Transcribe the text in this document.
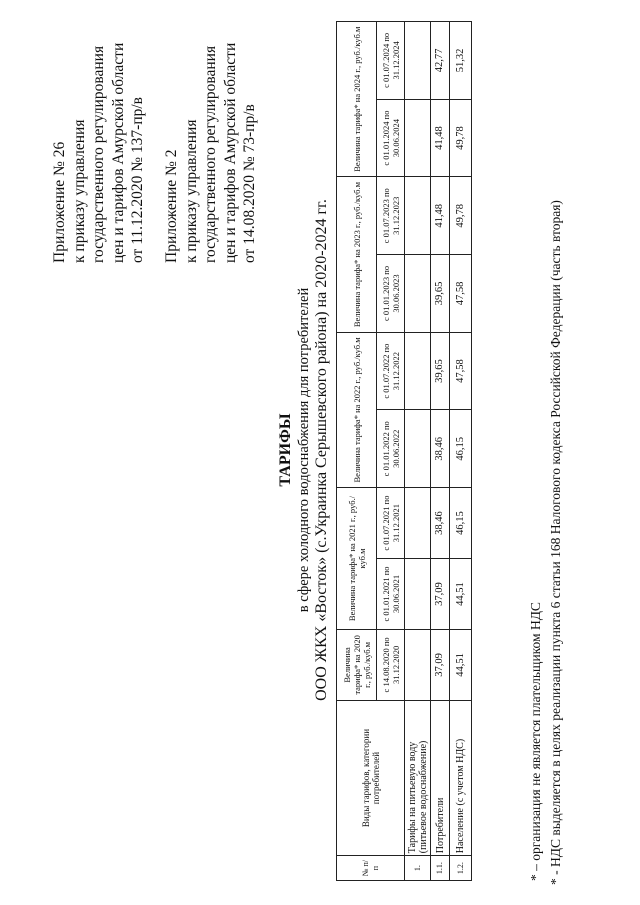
Приложение № 26 к приказу управления государственного регулирования цен и тарифов Амурской области от 11.12.2020 № 137-пр/в Приложение № 2 к приказу управления государственного регулирования цен и тарифов Амурской области от 14.08.2020 № 73-пр/в
ТАРИФЫ в сфере холодного водоснабжения для потребителей ООО ЖКХ «Восток» (с.Украинка Серышевского района) на 2020-2024 гг.
№ п/п	Виды тарифов, категории потребителей	Величина тарифа* на 2020 г., руб./куб.м	Величина тарифа* на 2021 г., руб./куб.м		Величина тарифа* на 2022 г., руб./куб.м		Величина тарифа* на 2023 г., руб./куб.м		Величина тарифа* на 2024 г., руб./куб.м	
		с 14.08.2020 по 31.12.2020	с 01.01.2021 по 30.06.2021	с 01.07.2021 по 31.12.2021	с 01.01.2022 по 30.06.2022	с 01.07.2022 по 31.12.2022	с 01.01.2023 по 30.06.2023	с 01.07.2023 по 31.12.2023	с 01.01.2024 по 30.06.2024	с 01.07.2024 по 31.12.2024
1.	Тарифы на питьевую воду (питьевое водоснабжение)									
1.1.	Потребители	37,09	37,09	38,46	38,46	39,65	39,65	41,48	41,48	42,77
1.2.	Население (с учетом НДС)	44,51	44,51	46,15	46,15	47,58	47,58	49,78	49,78	51,32
* – организация не является плательщиком НДС * - НДС выделяется в целях реализации пункта 6 статьи 168 Налогового кодекса Российской Федерации (часть вторая)
